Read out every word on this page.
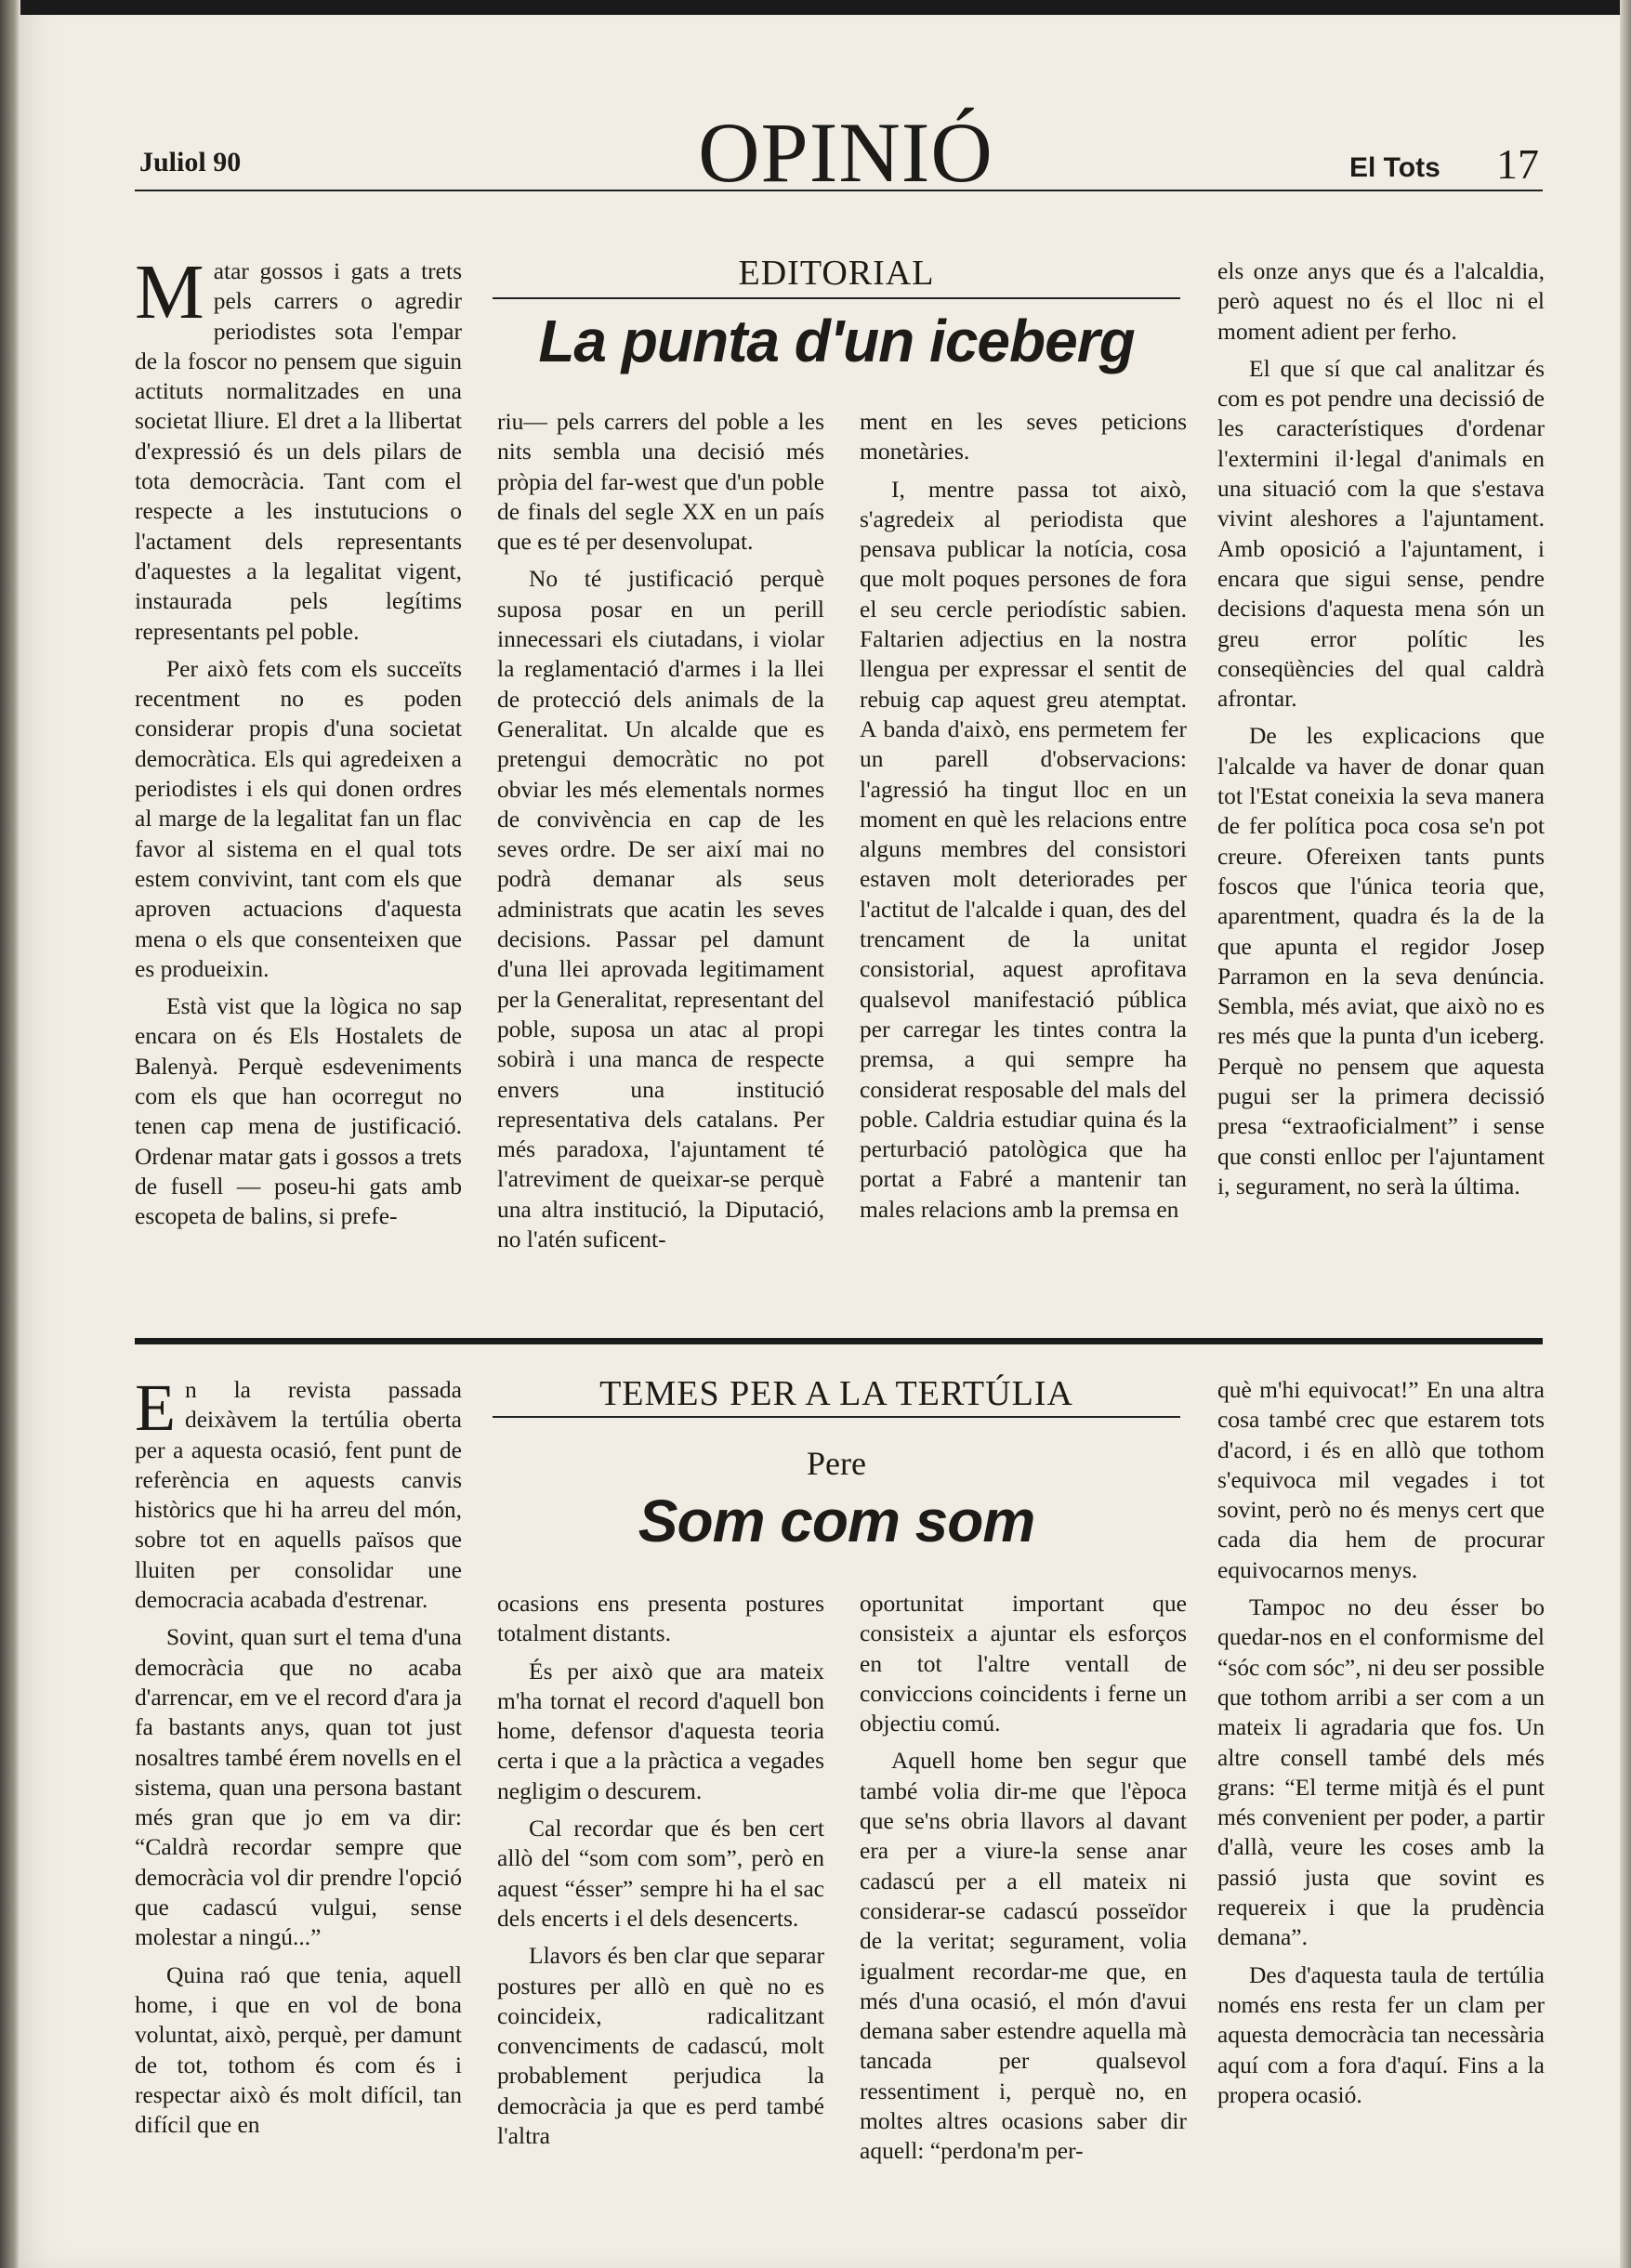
Juliol 90	OPINIÓ	El Tots 17
EDITORIAL
La punta d'un iceberg

Matar gossos i gats a trets pels carrers o agredir periodistes sota l'empar de la foscor no pensem que siguin actituts normalitzades en una societat lliure. El dret a la llibertat d'expressió és un dels pilars de tota democràcia. Tant com el respecte a les instutucions o l'actament dels representants d'aquestes a la legalitat vigent, instaurada pels legítims representants pel poble.

Per això fets com els succeïts recentment no es poden considerar propis d'una societat democràtica. Els qui agredeixen a periodistes i els qui donen ordres al marge de la legalitat fan un flac favor al sistema en el qual tots estem convivint, tant com els que aproven actuacions d'aquesta mena o els que consenteixen que es produeixin.

Està vist que la lògica no sap encara on és Els Hostalets de Balenyà. Perquè esdeveniments com els que han ocorregut no tenen cap mena de justificació. Ordenar matar gats i gossos a trets de fusell — poseu-hi gats amb escopeta de balins, si prefe-

riu— pels carrers del poble a les nits sembla una decisió més pròpia del far-west que d'un poble de finals del segle XX en un país que es té per desenvolupat.

No té justificació perquè suposa posar en un perill innecessari els ciutadans, i violar la reglamentació d'armes i la llei de protecció dels animals de la Generalitat. Un alcalde que es pretengui democràtic no pot obviar les més elementals normes de convivència en cap de les seves ordre. De ser així mai no podrà demanar als seus administrats que acatin les seves decisions. Passar pel damunt d'una llei aprovada legitimament per la Generalitat, representant del poble, suposa un atac al propi sobirà i una manca de respecte envers una institució representativa dels catalans. Per més paradoxa, l'ajuntament té l'atreviment de queixar-se perquè una altra institució, la Diputació, no l'atén suficent-

ment en les seves peticions monetàries.

I, mentre passa tot això, s'agredeix al periodista que pensava publicar la notícia, cosa que molt poques persones de fora el seu cercle periodístic sabien. Faltarien adjectius en la nostra llengua per expressar el sentit de rebuig cap aquest greu atemptat. A banda d'això, ens permetem fer un parell d'observacions: l'agressió ha tingut lloc en un moment en què les relacions entre alguns membres del consistori estaven molt deteriorades per l'actitut de l'alcalde i quan, des del trencament de la unitat consistorial, aquest aprofitava qualsevol manifestació pública per carregar les tintes contra la premsa, a qui sempre ha considerat resposable del mals del poble. Caldria estudiar quina és la perturbació patològica que ha portat a Fabré a mantenir tan males relacions amb la premsa en

els onze anys que és a l'alcaldia, però aquest no és el lloc ni el moment adient per ferho.

El que sí que cal analitzar és com es pot pendre una decissió de les característiques d'ordenar l'extermini il·legal d'animals en una situació com la que s'estava vivint aleshores a l'ajuntament. Amb oposició a l'ajuntament, i encara que sigui sense, pendre decisions d'aquesta mena són un greu error polític les conseqüències del qual caldrà afrontar.

De les explicacions que l'alcalde va haver de donar quan tot l'Estat coneixia la seva manera de fer política poca cosa se'n pot creure. Ofereixen tants punts foscos que l'única teoria que, aparentment, quadra és la de la que apunta el regidor Josep Parramon en la seva denúncia. Sembla, més aviat, que això no es res més que la punta d'un iceberg. Perquè no pensem que aquesta pugui ser la primera decissió presa “extraoficialment” i sense que consti enlloc per l'ajuntament i, segurament, no serà la última.

TEMES PER A LA TERTÚLIA
Pere
Som com som

En la revista passada deixàvem la tertúlia oberta per a aquesta ocasió, fent punt de referència en aquests canvis històrics que hi ha arreu del món, sobre tot en aquells països que lluiten per consolidar une democracia acabada d'estrenar.

Sovint, quan surt el tema d'una democràcia que no acaba d'arrencar, em ve el record d'ara ja fa bastants anys, quan tot just nosaltres també érem novells en el sistema, quan una persona bastant més gran que jo em va dir: “Caldrà recordar sempre que democràcia vol dir prendre l'opció que cadascú vulgui, sense molestar a ningú...”

Quina raó que tenia, aquell home, i que en vol de bona voluntat, això, perquè, per damunt de tot, tothom és com és i respectar això és molt difícil, tan difícil que en

ocasions ens presenta postures totalment distants.

És per això que ara mateix m'ha tornat el record d'aquell bon home, defensor d'aquesta teoria certa i que a la pràctica a vegades negligim o descurem.

Cal recordar que és ben cert allò del “som com som”, però en aquest “ésser” sempre hi ha el sac dels encerts i el dels desencerts.

Llavors és ben clar que separar postures per allò en què no es coincideix, radicalitzant convenciments de cadascú, molt probablement perjudica la democràcia ja que es perd també l'altra

oportunitat important que consisteix a ajuntar els esforços en tot l'altre ventall de conviccions coincidents i ferne un objectiu comú.

Aquell home ben segur que també volia dir-me que l'època que se'ns obria llavors al davant era per a viure-la sense anar cadascú per a ell mateix ni considerar-se cadascú posseïdor de la veritat; segurament, volia igualment recordar-me que, en més d'una ocasió, el món d'avui demana saber estendre aquella mà tancada per qualsevol ressentiment i, perquè no, en moltes altres ocasions saber dir aquell: “perdona'm per-

què m'hi equivocat!” En una altra cosa també crec que estarem tots d'acord, i és en allò que tothom s'equivoca mil vegades i tot sovint, però no és menys cert que cada dia hem de procurar equivocarnos menys.

Tampoc no deu ésser bo quedar-nos en el conformisme del “sóc com sóc”, ni deu ser possible que tothom arribi a ser com a un mateix li agradaria que fos. Un altre consell també dels més grans: “El terme mitjà és el punt més convenient per poder, a partir d'allà, veure les coses amb la passió justa que sovint es requereix i que la prudència demana”.

Des d'aquesta taula de tertúlia només ens resta fer un clam per aquesta democràcia tan necessària aquí com a fora d'aquí. Fins a la propera ocasió.
